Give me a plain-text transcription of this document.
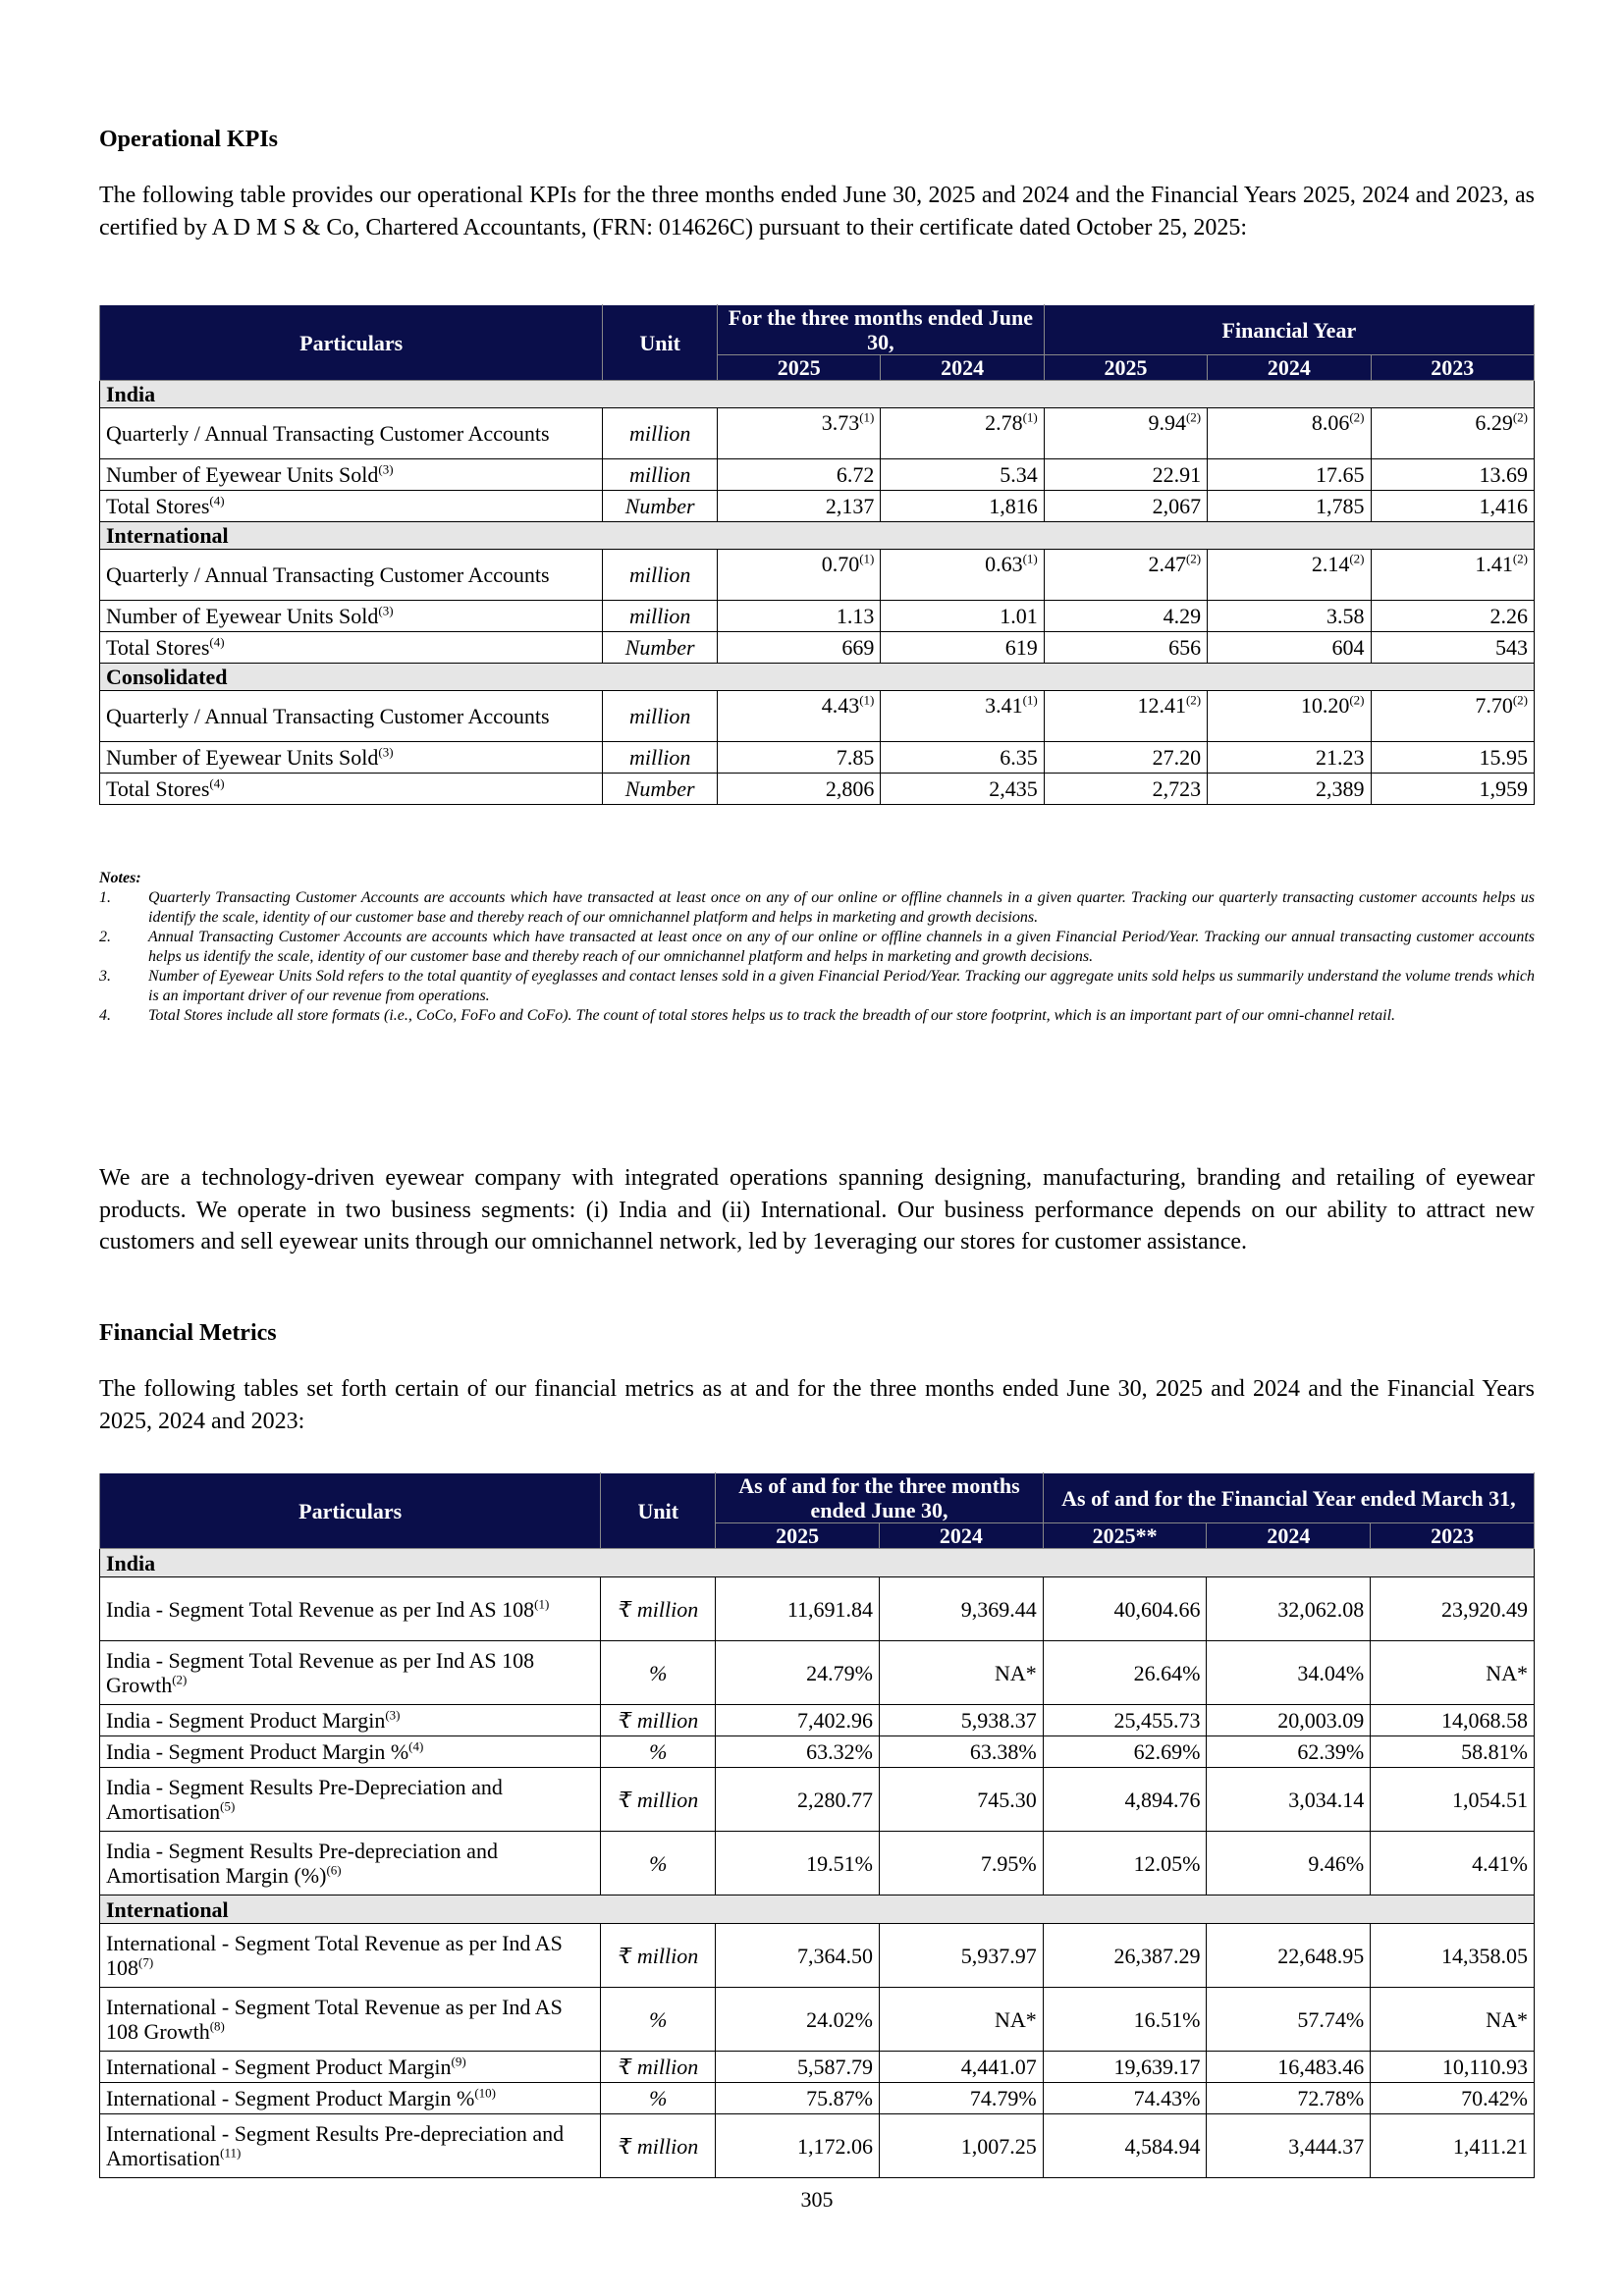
Operational KPIs
The following table provides our operational KPIs for the three months ended June 30, 2025 and 2024 and the Financial Years 2025, 2024 and 2023, as certified by A D M S & Co, Chartered Accountants, (FRN: 014626C) pursuant to their certificate dated October 25, 2025:
Particulars	Unit	For the three months ended June 30,		Financial Year		
		2025	2024	2025	2024	2023
India						
Quarterly / Annual Transacting Customer Accounts	million	3.73$^{(1)}$	2.78$^{(1)}$	9.94$^{(2)}$	8.06$^{(2)}$	6.29$^{(2)}$
Number of Eyewear Units Sold$^{(3)}$	million	6.72	5.34	22.91	17.65	13.69
Total Stores$^{(4)}$	Number	2,137	1,816	2,067	1,785	1,416
International						
Quarterly / Annual Transacting Customer Accounts	million	0.70$^{(1)}$	0.63$^{(1)}$	2.47$^{(2)}$	2.14$^{(2)}$	1.41$^{(2)}$
Number of Eyewear Units Sold$^{(3)}$	million	1.13	1.01	4.29	3.58	2.26
Total Stores$^{(4)}$	Number	669	619	656	604	543
Consolidated						
Quarterly / Annual Transacting Customer Accounts	million	4.43$^{(1)}$	3.41$^{(1)}$	12.41$^{(2)}$	10.20$^{(2)}$	7.70$^{(2)}$
Number of Eyewear Units Sold$^{(3)}$	million	7.85	6.35	27.20	21.23	15.95
Total Stores$^{(4)}$	Number	2,806	2,435	2,723	2,389	1,959
Notes:
1. Quarterly Transacting Customer Accounts are accounts which have transacted at least once on any of our online or offline channels in a given quarter. Tracking our quarterly transacting customer accounts helps us identify the scale, identity of our customer base and thereby reach of our omnichannel platform and helps in marketing and growth decisions.
2. Annual Transacting Customer Accounts are accounts which have transacted at least once on any of our online or offline channels in a given Financial Period/Year. Tracking our annual transacting customer accounts helps us identify the scale, identity of our customer base and thereby reach of our omnichannel platform and helps in marketing and growth decisions.
3. Number of Eyewear Units Sold refers to the total quantity of eyeglasses and contact lenses sold in a given Financial Period/Year. Tracking our aggregate units sold helps us summarily understand the volume trends which is an important driver of our revenue from operations.
4. Total Stores include all store formats (i.e., CoCo, FoFo and CoFo). The count of total stores helps us to track the breadth of our store footprint, which is an important part of our omni-channel retail.
We are a technology-driven eyewear company with integrated operations spanning designing, manufacturing, branding and retailing of eyewear products. We operate in two business segments: (i) India and (ii) International. Our business performance depends on our ability to attract new customers and sell eyewear units through our omnichannel network, led by 1everaging our stores for customer assistance.
Financial Metrics
The following tables set forth certain of our financial metrics as at and for the three months ended June 30, 2025 and 2024 and the Financial Years 2025, 2024 and 2023:
Particulars	Unit	As of and for the three months ended June 30,		As of and for the Financial Year ended March 31,		
		2025	2024	2025**	2024	2023
India						
India - Segment Total Revenue as per Ind AS 108$^{(1)}$	₹ million	11,691.84	9,369.44	40,604.66	32,062.08	23,920.49
India - Segment Total Revenue as per Ind AS 108 Growth$^{(2)}$	%	24.79%	NA*	26.64%	34.04%	NA*
India - Segment Product Margin$^{(3)}$	₹ million	7,402.96	5,938.37	25,455.73	20,003.09	14,068.58
India - Segment Product Margin %$^{(4)}$	%	63.32%	63.38%	62.69%	62.39%	58.81%
India - Segment Results Pre-Depreciation and Amortisation$^{(5)}$	₹ million	2,280.77	745.30	4,894.76	3,034.14	1,054.51
India - Segment Results Pre-depreciation and Amortisation Margin (%)$^{(6)}$	%	19.51%	7.95%	12.05%	9.46%	4.41%
International						
International - Segment Total Revenue as per Ind AS 108$^{(7)}$	₹ million	7,364.50	5,937.97	26,387.29	22,648.95	14,358.05
International - Segment Total Revenue as per Ind AS 108 Growth$^{(8)}$	%	24.02%	NA*	16.51%	57.74%	NA*
International - Segment Product Margin$^{(9)}$	₹ million	5,587.79	4,441.07	19,639.17	16,483.46	10,110.93
International - Segment Product Margin %$^{(10)}$	%	75.87%	74.79%	74.43%	72.78%	70.42%
International - Segment Results Pre-depreciation and Amortisation$^{(11)}$	₹ million	1,172.06	1,007.25	4,584.94	3,444.37	1,411.21
305
